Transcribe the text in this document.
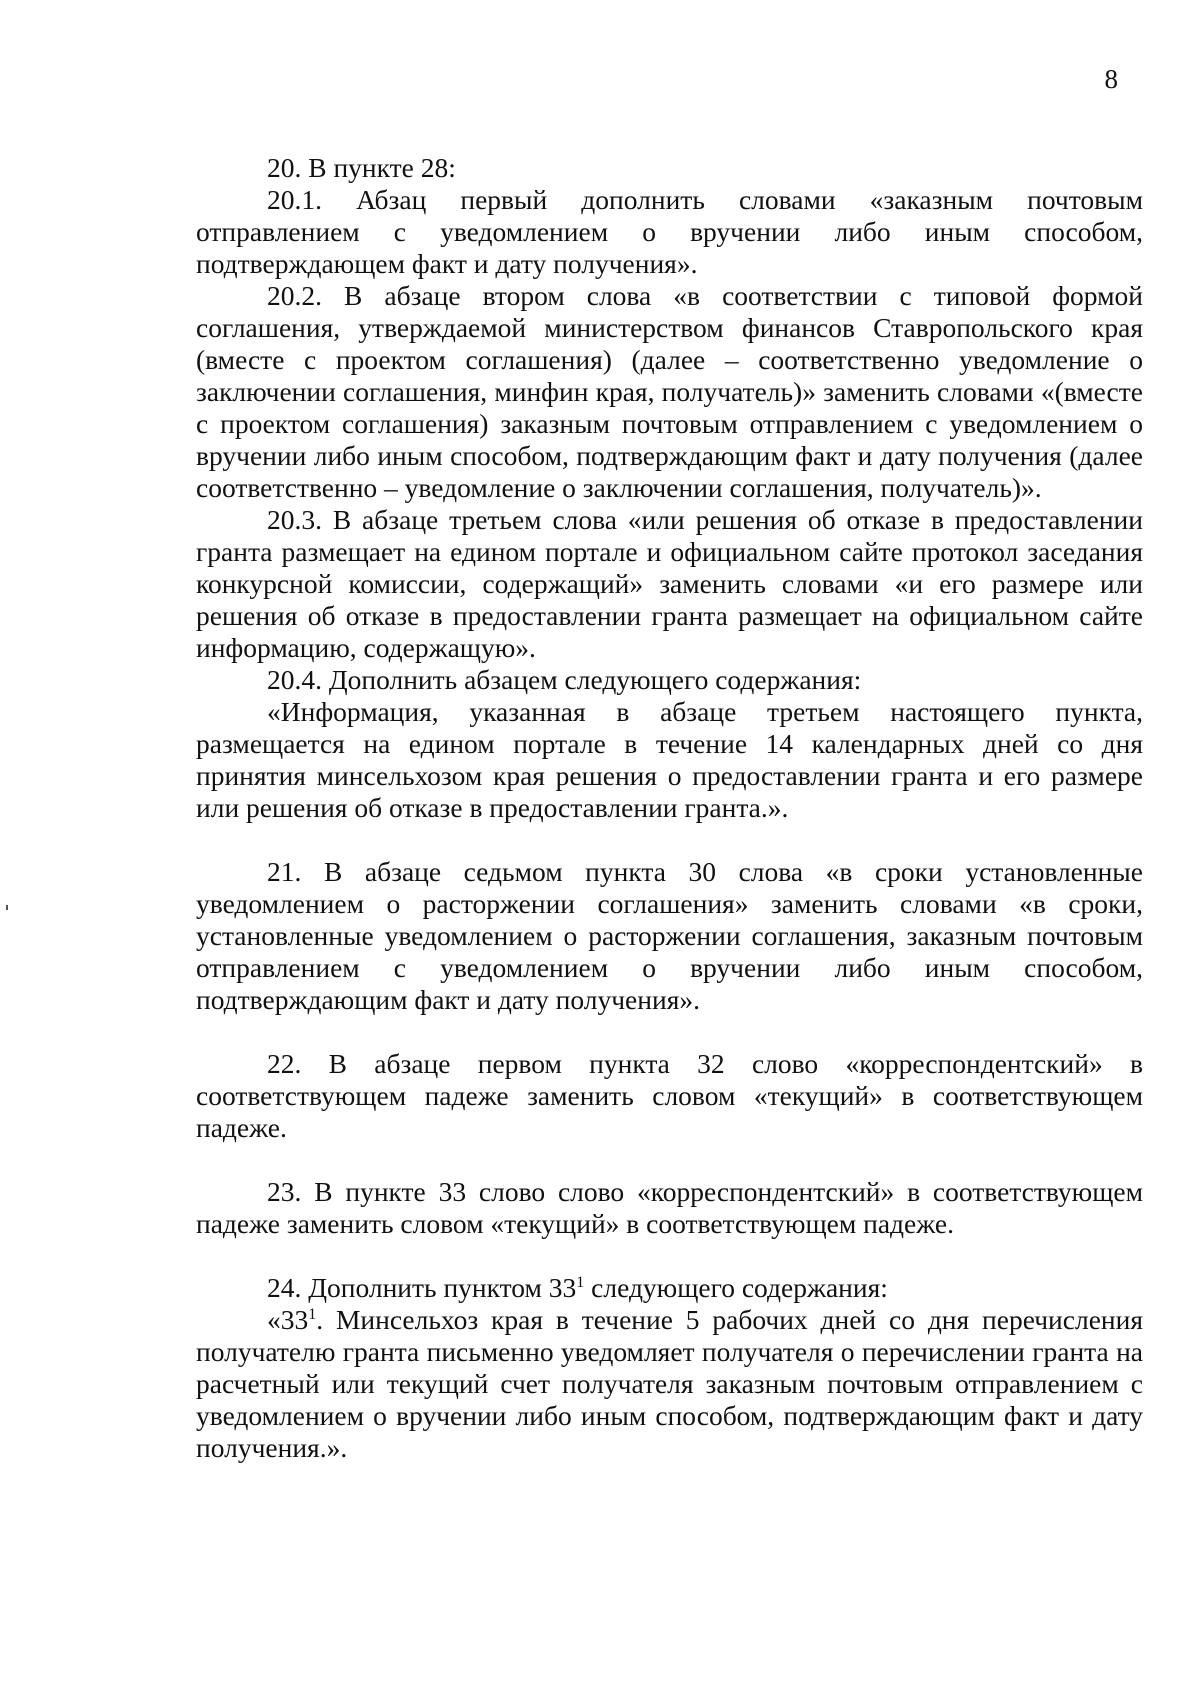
8

20. В пункте 28:

20.1. Абзац первый дополнить словами «заказным почтовым отправлением с уведомлением о вручении либо иным способом, подтверждающем факт и дату получения».

20.2. В абзаце втором слова «в соответствии с типовой формой соглашения, утверждаемой министерством финансов Ставропольского края (вместе с проектом соглашения) (далее – соответственно уведомление о заключении соглашения, минфин края, получатель)» заменить словами «(вместе с проектом соглашения) заказным почтовым отправлением с уведомлением о вручении либо иным способом, подтверждающим факт и дату получения (далее соответственно – уведомление о заключении соглашения, получатель)».

20.3. В абзаце третьем слова «или решения об отказе в предоставлении гранта размещает на едином портале и официальном сайте протокол заседания конкурсной комиссии, содержащий» заменить словами «и его размере или решения об отказе в предоставлении гранта размещает на официальном сайте информацию, содержащую».

20.4. Дополнить абзацем следующего содержания:

«Информация, указанная в абзаце третьем настоящего пункта, размещается на едином портале в течение 14 календарных дней со дня принятия минсельхозом края решения о предоставлении гранта и его размере или решения об отказе в предоставлении гранта.».

21. В абзаце седьмом пункта 30 слова «в сроки установленные уведомлением о расторжении соглашения» заменить словами «в сроки, установленные уведомлением о расторжении соглашения, заказным почтовым отправлением с уведомлением о вручении либо иным способом, подтверждающим факт и дату получения».

22. В абзаце первом пункта 32 слово «корреспондентский» в соответствующем падеже заменить словом «текущий» в соответствующем падеже.

23. В пункте 33 слово слово «корреспондентский» в соответствующем падеже заменить словом «текущий» в соответствующем падеже.

24. Дополнить пунктом $33^1$ следующего содержания:

«$33^1$. Минсельхоз края в течение 5 рабочих дней со дня перечисления получателю гранта письменно уведомляет получателя о перечислении гранта на расчетный или текущий счет получателя заказным почтовым отправлением с уведомлением о вручении либо иным способом, подтверждающим факт и дату получения.».
